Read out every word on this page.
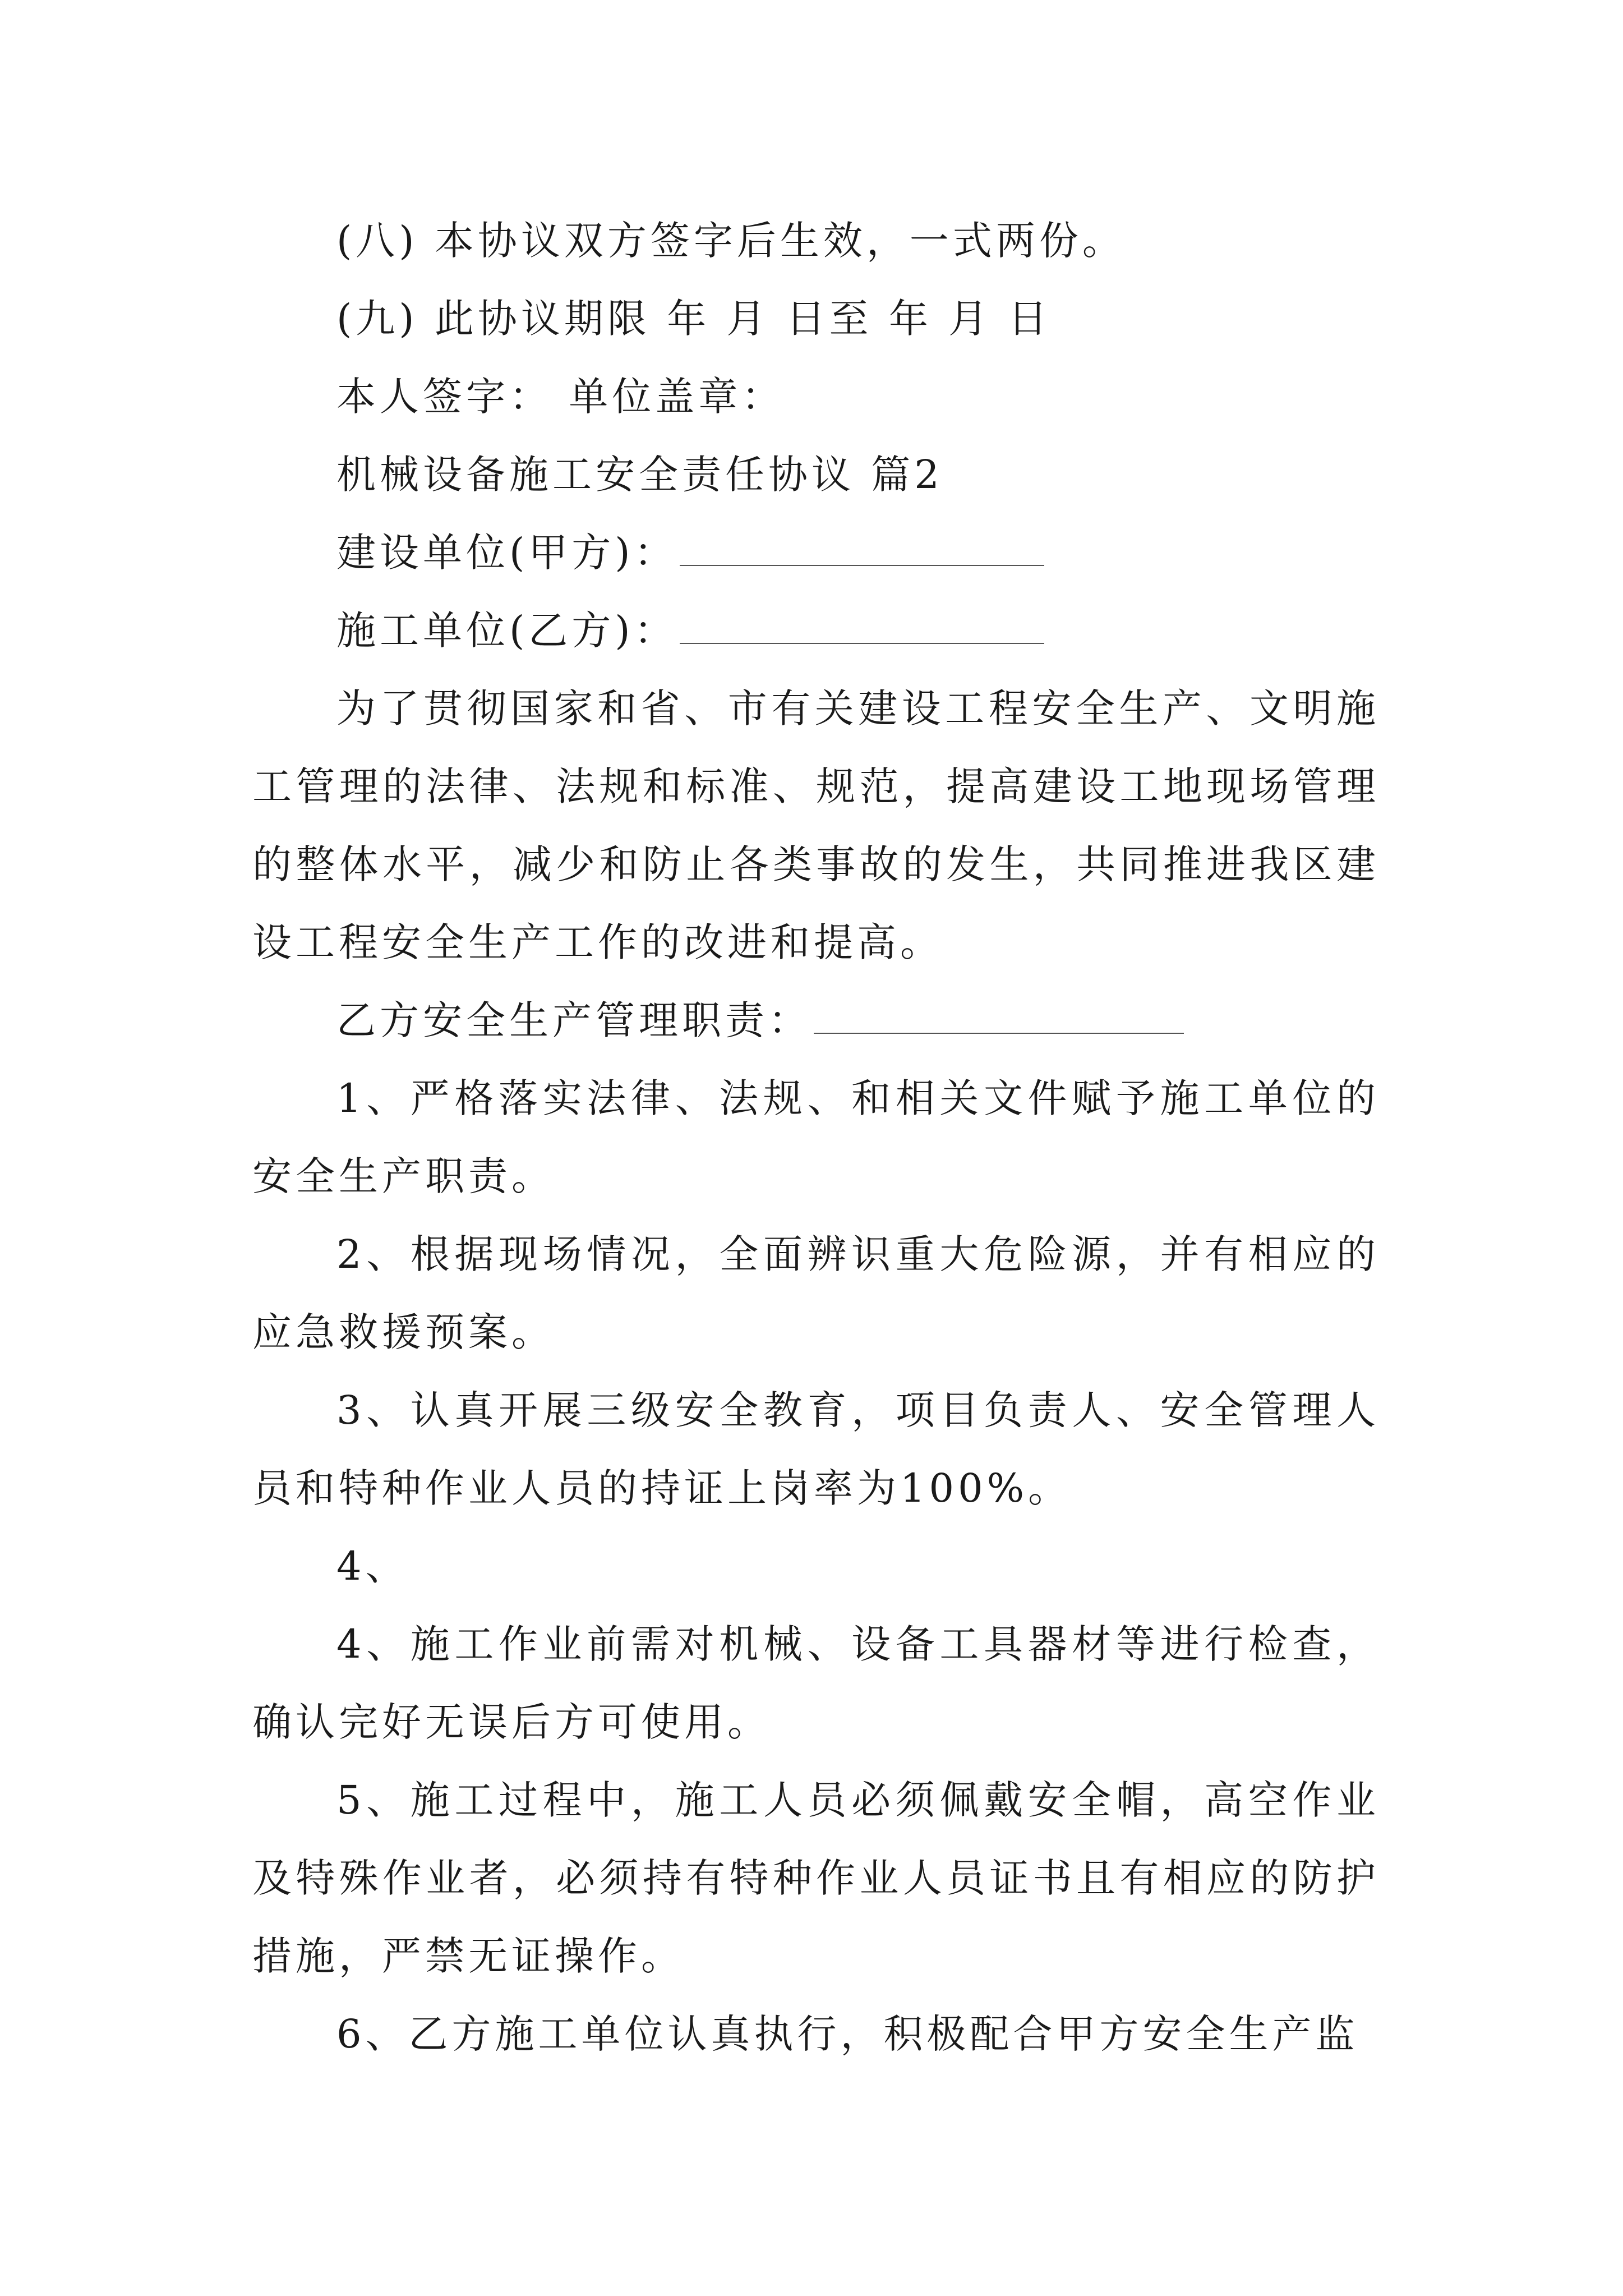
(八) 本协议双方签字后生效，一式两份。

(九) 此协议期限 年 月 日至 年 月 日

本人签字： 单位盖章：

机械设备施工安全责任协议 篇2

建设单位(甲方)：

施工单位(乙方)：

为了贯彻国家和省、市有关建设工程安全生产、文明施工管理的法律、法规和标准、规范，提高建设工地现场管理的整体水平，减少和防止各类事故的发生，共同推进我区建设工程安全生产工作的改进和提高。

乙方安全生产管理职责：

1、严格落实法律、法规、和相关文件赋予施工单位的安全生产职责。

2、根据现场情况，全面辨识重大危险源，并有相应的应急救援预案。

3、认真开展三级安全教育，项目负责人、安全管理人员和特种作业人员的持证上岗率为100%。

4、

4、施工作业前需对机械、设备工具器材等进行检查，确认完好无误后方可使用。

5、施工过程中，施工人员必须佩戴安全帽，高空作业及特殊作业者，必须持有特种作业人员证书且有相应的防护措施，严禁无证操作。

6、乙方施工单位认真执行，积极配合甲方安全生产监
